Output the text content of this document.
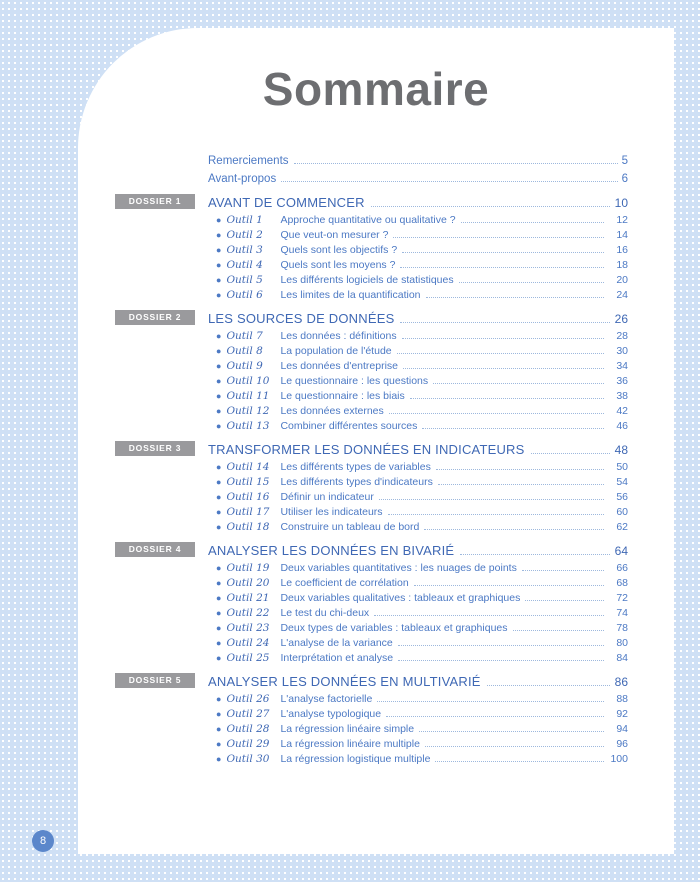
Sommaire
Remerciements	5
Avant-propos	6
DOSSIER 1	AVANT DE COMMENCER	10
● Outil 1	Approche quantitative ou qualitative ?	12
● Outil 2	Que veut-on mesurer ?	14
● Outil 3	Quels sont les objectifs ?	16
● Outil 4	Quels sont les moyens ?	18
● Outil 5	Les différents logiciels de statistiques	20
● Outil 6	Les limites de la quantification	24
DOSSIER 2	LES SOURCES DE DONNÉES	26
● Outil 7	Les données : définitions	28
● Outil 8	La population de l'étude	30
● Outil 9	Les données d'entreprise	34
● Outil 10	Le questionnaire : les questions	36
● Outil 11	Le questionnaire : les biais	38
● Outil 12	Les données externes	42
● Outil 13	Combiner différentes sources	46
DOSSIER 3	TRANSFORMER LES DONNÉES EN INDICATEURS	48
● Outil 14	Les différents types de variables	50
● Outil 15	Les différents types d'indicateurs	54
● Outil 16	Définir un indicateur	56
● Outil 17	Utiliser les indicateurs	60
● Outil 18	Construire un tableau de bord	62
DOSSIER 4	ANALYSER LES DONNÉES EN BIVARIÉ	64
● Outil 19	Deux variables quantitatives : les nuages de points	66
● Outil 20	Le coefficient de corrélation	68
● Outil 21	Deux variables qualitatives : tableaux et graphiques	72
● Outil 22	Le test du chi-deux	74
● Outil 23	Deux types de variables : tableaux et graphiques	78
● Outil 24	L'analyse de la variance	80
● Outil 25	Interprétation et analyse	84
DOSSIER 5	ANALYSER LES DONNÉES EN MULTIVARIÉ	86
● Outil 26	L'analyse factorielle	88
● Outil 27	L'analyse typologique	92
● Outil 28	La régression linéaire simple	94
● Outil 29	La régression linéaire multiple	96
● Outil 30	La régression logistique multiple	100
8
